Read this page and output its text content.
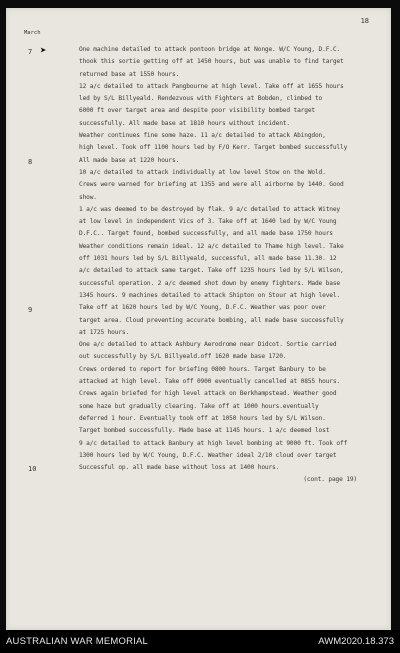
18
March
7 ➤
8
9
10
One machine detailed to attack pontoon bridge at Nonge. W/C Young, D.F.C.
thook this sortie getting off at 1450 hours, but was unable to find target
returned base at 1550 hours.
12 a/c detailed to attack Pangbourne at high level. Take off at 1655 hours
led by S/L Billyeald. Rendezvous with Fighters at Bobden, climbed to
6000 ft over target area and despite poor visibility bombed target
successfully. All made base at 1810 hours without incident.
Weather continues fine some haze. 11 a/c detailed to attack Abingdon,
high level. Took off 1100 hours led by F/O Kerr. Target bombed successfully
All made base at 1220 hours.
10 a/c detailed to attack individually at low level Stow on the Wold.
Crews were warned for briefing at 1355 and were all airborne by 1440. Good
show.
1 a/c was deemed to be destroyed by flak. 9 a/c detailed to attack Witney
at low level in independent Vics of 3. Take off at 1640 led by W/C Young
D.F.C.. Target found, bombed successfully, and all made base 1750 hours
Weather conditions remain ideal. 12 a/c detailed to Thame high level. Take
off 1031 hours led by S/L Billyeald, successful, all made base 11.30. 12
a/c detailed to attack same target. Take off 1235 hours led by S/L Wilson,
successful operation. 2 a/c deemed shot down by enemy fighters. Made base
1345 hours. 9 machines detailed to attack Shipton on Stour at high level.
Take off at 1620 hours led by W/C Young, D.F.C. Weather was poor over
target area. Cloud preventing accurate bombing, all made base successfully
at 1725 hours.
One a/c detailed to attack Ashbury Aerodrome near Didcot. Sortie carried
out successfully by S/L Billyeald.off 1620 made base 1720.
Crews ordered to report for briefing 0800 hours. Target Banbury to be
attacked at high level. Take off 0900 eventually cancelled at 0855 hours.
Crews again briefed for high level attack on Berkhampstead. Weather good
some haze but gradually clearing. Take off at 1000 hours.eventually
deferred 1 hour. Eventually took off at 1050 hours led by S/L Wilson.
Target bombed successfully. Made base at 1145 hours. 1 a/c deemed lost
9 a/c detailed to attack Banbury at high level bombing at 9000 ft. Took off
1300 hours led by W/C Young, D.F.C. Weather ideal 2/10 cloud over target
Successful op. all made base without loss at 1400 hours.
(cont. page 19)
AUSTRALIAN WAR MEMORIAL	AWM2020.18.373
